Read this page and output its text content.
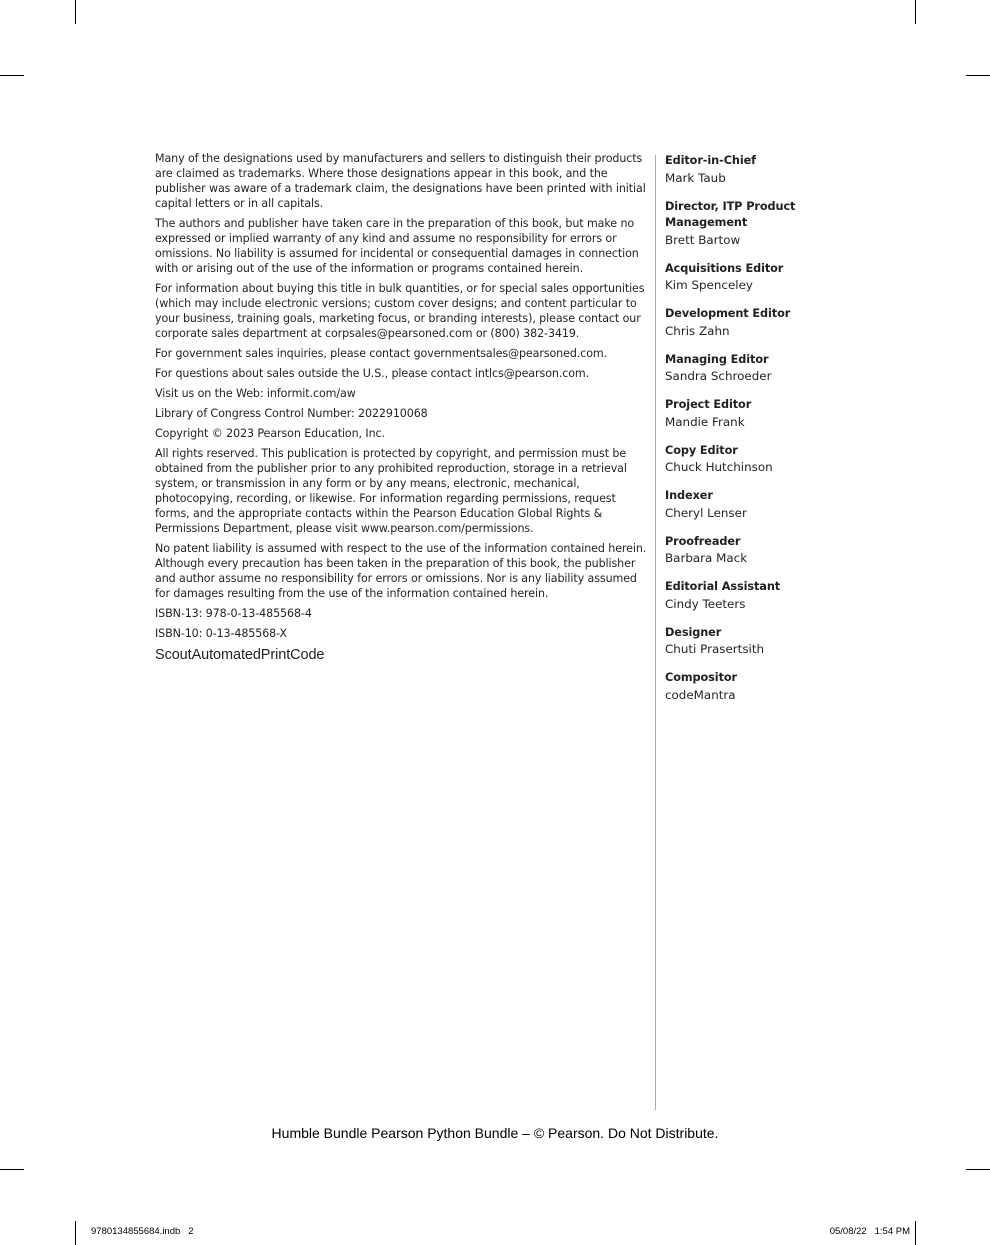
Many of the designations used by manufacturers and sellers to distinguish their products are claimed as trademarks. Where those designations appear in this book, and the publisher was aware of a trademark claim, the designations have been printed with initial capital letters or in all capitals.

The authors and publisher have taken care in the preparation of this book, but make no expressed or implied warranty of any kind and assume no responsibility for errors or omissions. No liability is assumed for incidental or consequential damages in connection with or arising out of the use of the information or programs contained herein.

For information about buying this title in bulk quantities, or for special sales opportunities (which may include electronic versions; custom cover designs; and content particular to your business, training goals, marketing focus, or branding interests), please contact our corporate sales department at corpsales@pearsoned.com or (800) 382-3419.

For government sales inquiries, please contact governmentsales@pearsoned.com.

For questions about sales outside the U.S., please contact intlcs@pearson.com.

Visit us on the Web: informit.com/aw

Library of Congress Control Number: 2022910068

Copyright © 2023 Pearson Education, Inc.

All rights reserved. This publication is protected by copyright, and permission must be obtained from the publisher prior to any prohibited reproduction, storage in a retrieval system, or transmission in any form or by any means, electronic, mechanical, photocopying, recording, or likewise. For information regarding permissions, request forms, and the appropriate contacts within the Pearson Education Global Rights & Permissions Department, please visit www.pearson.com/permissions.

No patent liability is assumed with respect to the use of the information contained herein. Although every precaution has been taken in the preparation of this book, the publisher and author assume no responsibility for errors or omissions. Nor is any liability assumed for damages resulting from the use of the information contained herein.

ISBN-13: 978-0-13-485568-4

ISBN-10: 0-13-485568-X

ScoutAutomatedPrintCode
Editor-in-Chief
Mark Taub
Director, ITP Product Management
Brett Bartow
Acquisitions Editor
Kim Spenceley
Development Editor
Chris Zahn
Managing Editor
Sandra Schroeder
Project Editor
Mandie Frank
Copy Editor
Chuck Hutchinson
Indexer
Cheryl Lenser
Proofreader
Barbara Mack
Editorial Assistant
Cindy Teeters
Designer
Chuti Prasertsith
Compositor
codeMantra
Humble Bundle Pearson Python Bundle – © Pearson. Do Not Distribute.
9780134855684.indb   2	05/08/22   1:54 PM
